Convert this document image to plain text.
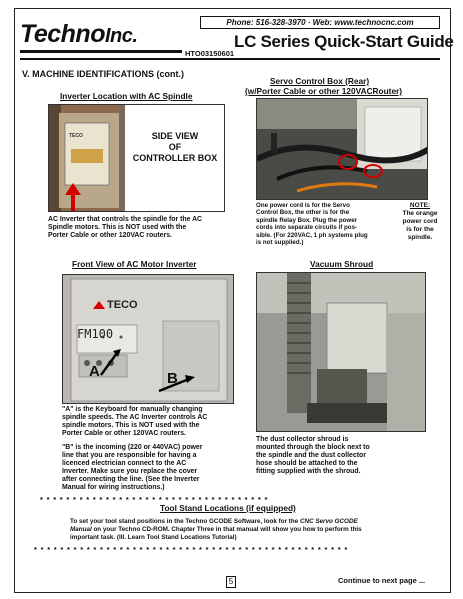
TechnoInc.
HTO03150601
Phone: 516-328-3970 · Web: www.technocnc.com
LC Series Quick-Start Guide
V. MACHINE IDENTIFICATIONS (cont.)
Inverter Location with AC Spindle
TECO	SIDE VIEW
OF
CONTROLLER BOX
AC Inverter that controls the spindle for the AC
Spindle motors. This is NOT used with the
Porter Cable or other 120VAC routers.
Servo Control Box (Rear)
(w/Porter Cable or other 120VACRouter)
One power cord is for the Servo
Control Box, the other is for the
spindle Relay Box. Plug the power
cords into separate circuits if pos-
sible. (For 220VAC, 1 ph systems plug
is not supplied.)
NOTE:
The orange
power cord
is for the
spindle.
Front View of AC Motor Inverter
TECO
FM100
A	B
"A" is the Keyboard for manually changing
spindle speeds. The AC Inverter controls AC
spindle motors. This is NOT used with the
Porter Cable or other 120VAC routers.
"B" is the incoming (220 or 440VAC) power
line that you are responsible for having a
licenced electrician connect to the AC
Inverter. Make sure you replace the cover
after connecting the line. (See the Inverter
Manual for wiring instructions.)
Vacuum Shroud
The dust collector shroud is
mounted through the block next to
the spindle and the dust collector
hose should be attached to the
fitting supplied with the shroud.
* * * * * * * * * * * * * * * * * * * * * * * * * * * * * * * * * * *
Tool Stand Locations (if equipped)
To set your tool stand positions in the Techno GCODE Software, look for the CNC Servo GCODE
Manual on your Techno CD-ROM. Chapter Three in that manual will show you how to perform this
important task. (III. Learn Tool Stand Locations Tutorial)
* * * * * * * * * * * * * * * * * * * * * * * * * * * * * * * * * * * * * * * * * * * * * * * *
5	Continue to next page ...
